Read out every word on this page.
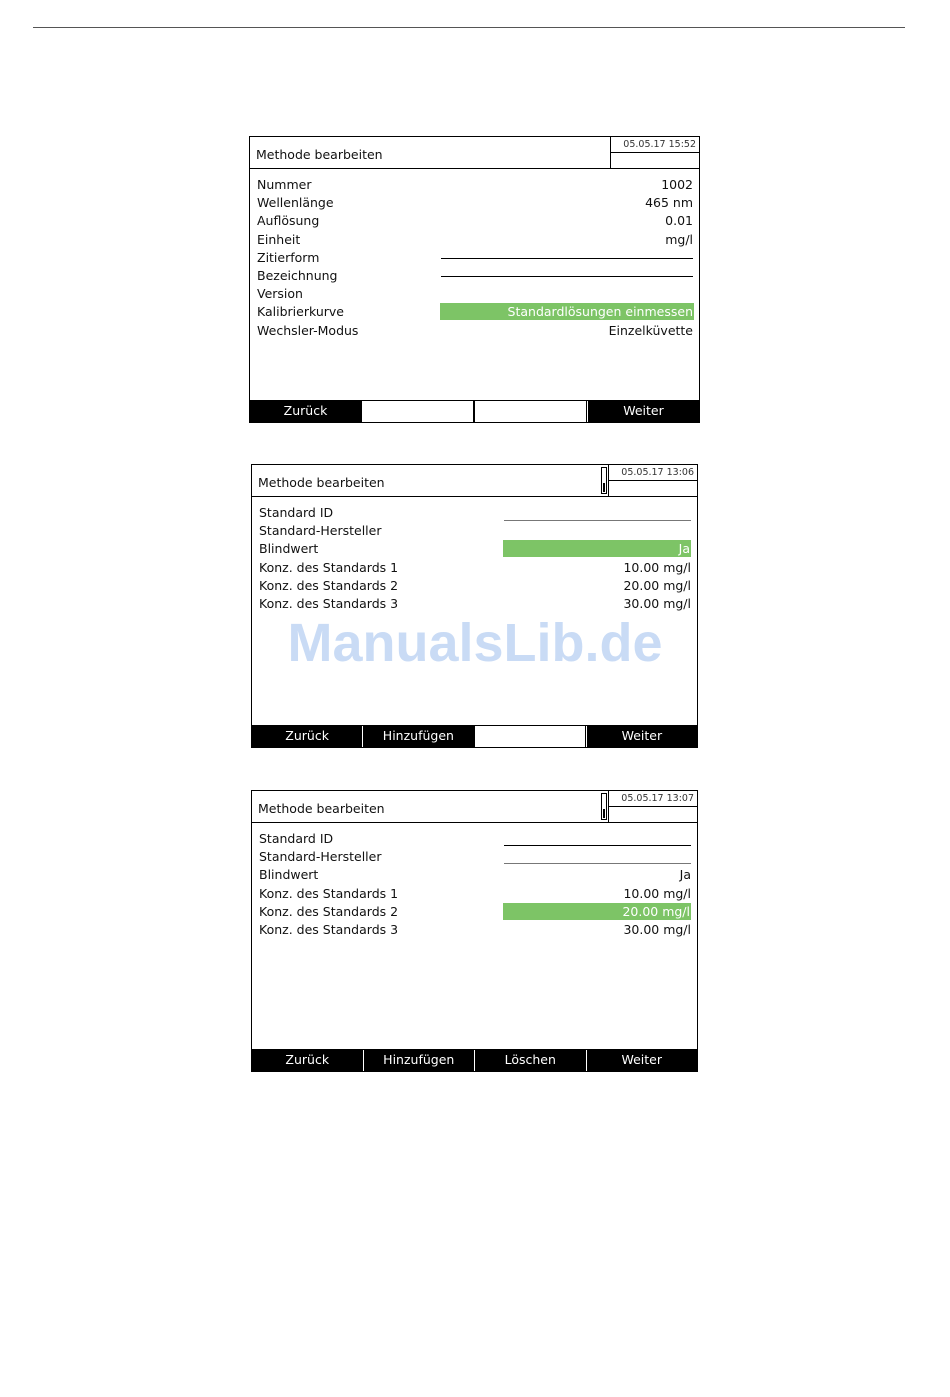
Methode bearbeiten
05.05.17 15:52
Nummer	1002
Wellenlänge	465 nm
Auflösung	0.01
Einheit	mg/l
Zitierform
Bezeichnung
Version
Kalibrierkurve	Standardlösungen einmessen
Wechsler-Modus	Einzelküvette
Zurück	Weiter
Methode bearbeiten
05.05.17 13:06
Standard ID
Standard-Hersteller
Blindwert	Ja
Konz. des Standards 1	10.00 mg/l
Konz. des Standards 2	20.00 mg/l
Konz. des Standards 3	30.00 mg/l
Zurück	Hinzufügen	Weiter
Methode bearbeiten
05.05.17 13:07
Standard ID
Standard-Hersteller
Blindwert	Ja
Konz. des Standards 1	10.00 mg/l
Konz. des Standards 2	20.00 mg/l
Konz. des Standards 3	30.00 mg/l
Zurück	Hinzufügen	Löschen	Weiter
ManualsLib.de
